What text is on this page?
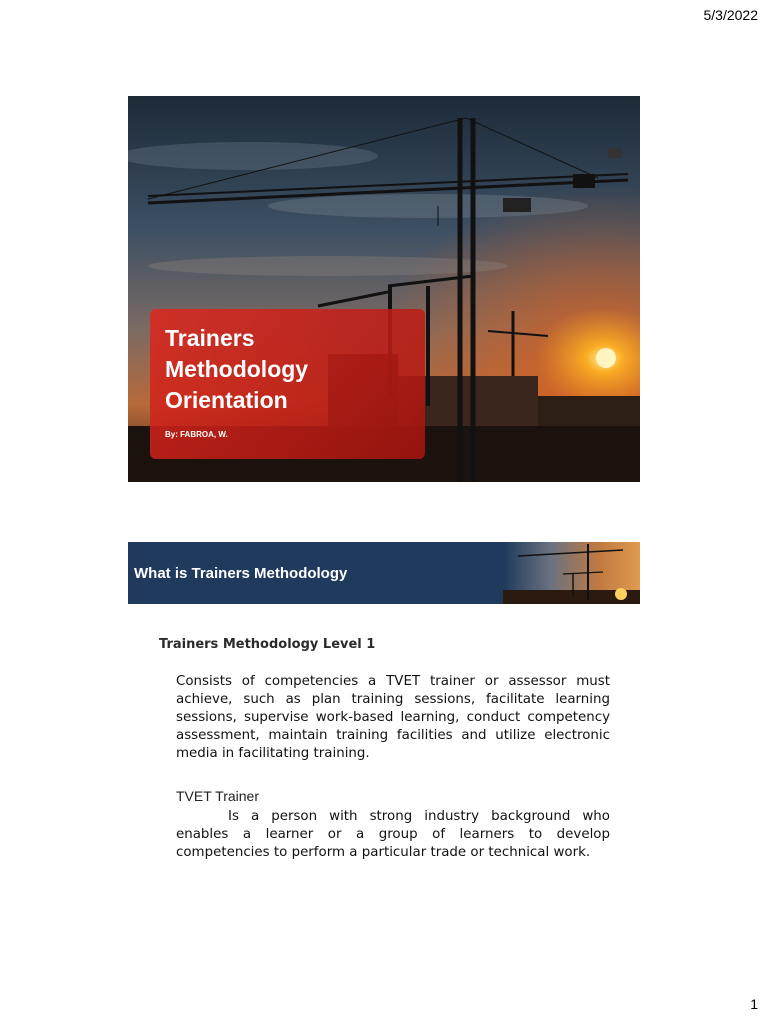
5/3/2022
Trainers
Methodology
Orientation
By: FABROA, W.
What is Trainers Methodology
Trainers Methodology Level 1
Consists of competencies a TVET trainer or assessor must achieve, such as plan training sessions, facilitate learning sessions, supervise work-based learning, conduct competency assessment, maintain training facilities and utilize electronic media in facilitating training.
TVET Trainer
Is a person with strong industry background who enables a learner or a group of learners to develop competencies to perform a particular trade or technical work.
1
